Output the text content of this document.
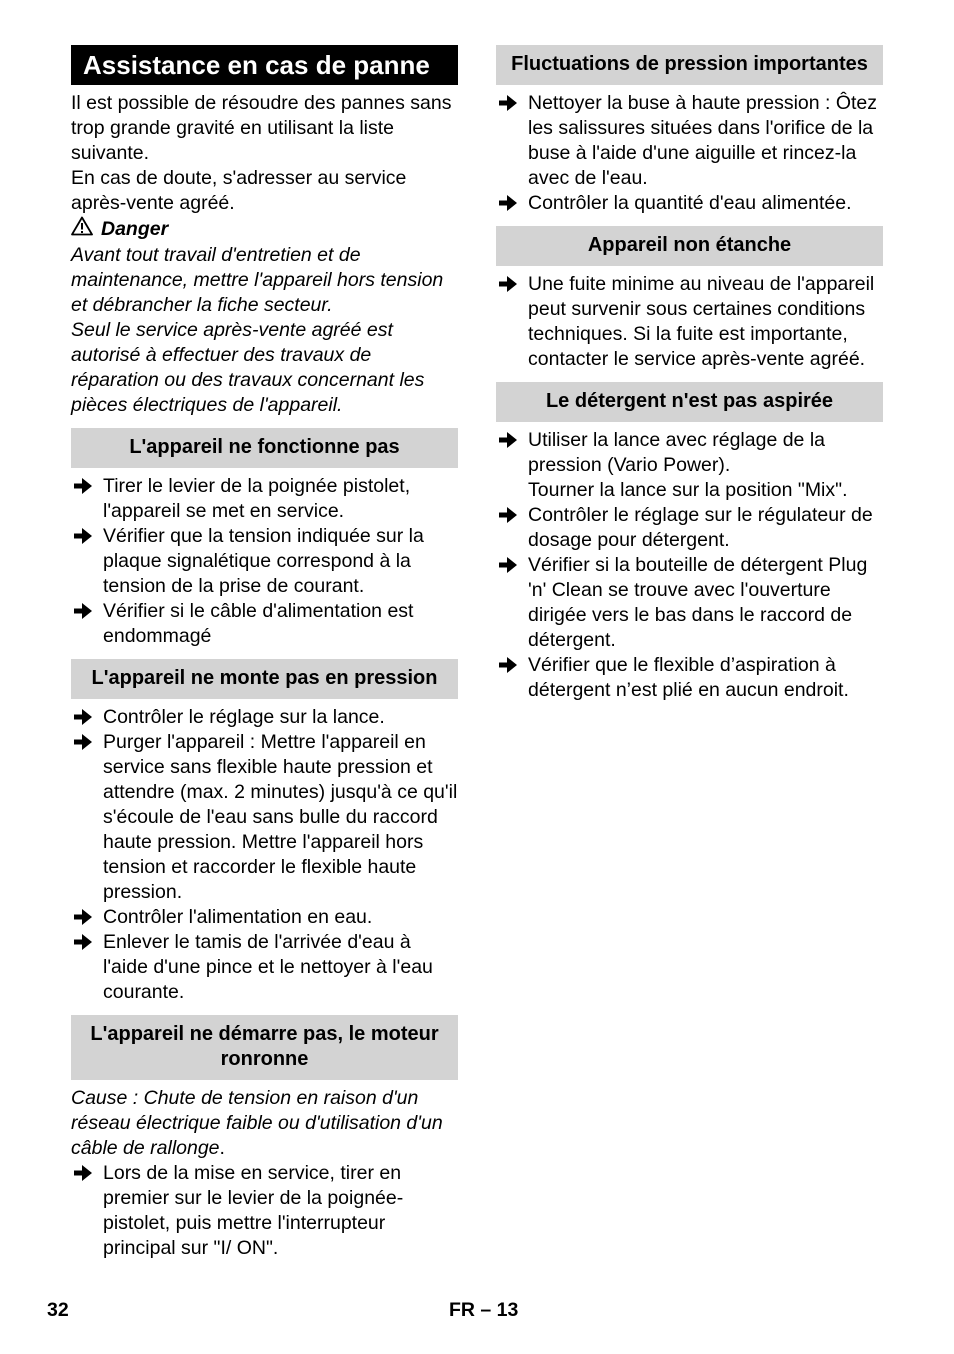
Assistance en cas de panne

Il est possible de résoudre des pannes sans trop grande gravité en utilisant la liste suivante.

En cas de doute, s'adresser au service après-vente agréé.

Danger

Avant tout travail d'entretien et de maintenance, mettre l'appareil hors tension et débrancher la fiche secteur.

Seul le service après-vente agréé est autorisé à effectuer des travaux de réparation ou des travaux concernant les pièces électriques de l'appareil.

L'appareil ne fonctionne pas
Tirer le levier de la poignée pistolet, l'appareil se met en service.
Vérifier que la tension indiquée sur la plaque signalétique correspond à la tension de la prise de courant.
Vérifier si le câble d'alimentation est endommagé
L'appareil ne monte pas en pression
Contrôler le réglage sur la lance.
Purger l'appareil : Mettre l'appareil en service sans flexible haute pression et attendre (max. 2 minutes) jusqu'à ce qu'il s'écoule de l'eau sans bulle du raccord haute pression. Mettre l'appareil hors tension et raccorder le flexible haute pression.
Contrôler l'alimentation en eau.
Enlever le tamis de l'arrivée d'eau à l'aide d'une pince et le nettoyer à l'eau courante.
L'appareil ne démarre pas, le moteur ronronne

Cause : Chute de tension en raison d'un réseau électrique faible ou d'utilisation d'un câble de rallonge.

Lors de la mise en service, tirer en premier sur le levier de la poignée-pistolet, puis mettre l'interrupteur principal sur "I/ ON".
Fluctuations de pression importantes
Nettoyer la buse à haute pression : Ôtez les salissures situées dans l'orifice de la buse à l'aide d'une aiguille et rincez-la avec de l'eau.
Contrôler la quantité d'eau alimentée.
Appareil non étanche
Une fuite minime au niveau de l'appareil peut survenir sous certaines conditions techniques. Si la fuite est importante, contacter le service après-vente agréé.
Le détergent n'est pas aspirée
Utiliser la lance avec réglage de la pression (Vario Power).
Tourner la lance sur la position "Mix".
Contrôler le réglage sur le régulateur de dosage pour détergent.
Vérifier si la bouteille de détergent Plug 'n' Clean se trouve avec l'ouverture dirigée vers le bas dans le raccord de détergent.
Vérifier que le flexible d’aspiration à détergent n’est plié en aucun endroit.
32	FR – 13
